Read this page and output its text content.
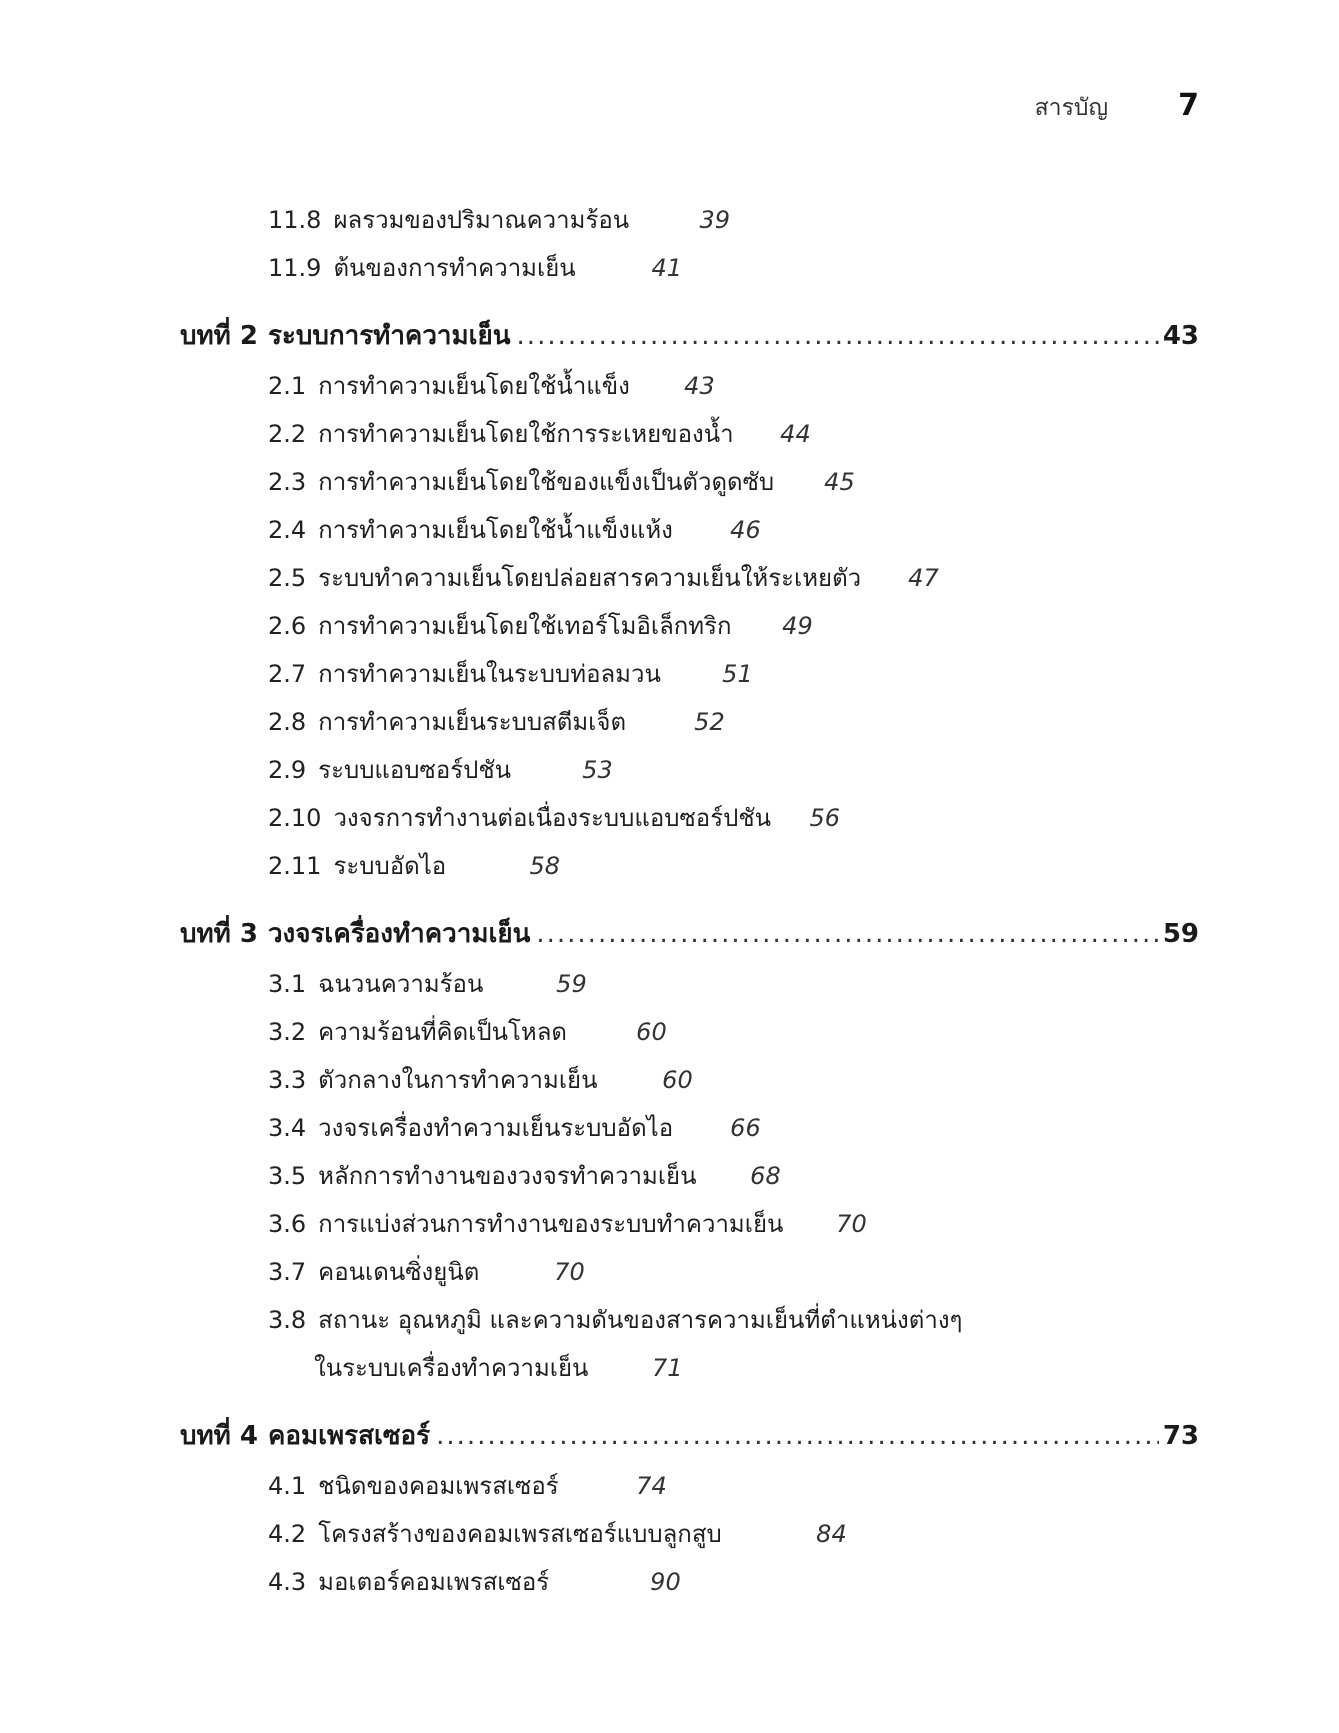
สารบัญ 7
11.8 ผลรวมของปริมาณความร้อน	39
11.9 ต้นของการทำความเย็น	41
บทที่ 2 ระบบการทำความเย็น .....	43
2.1 การทำความเย็นโดยใช้น้ำแข็ง	43
2.2 การทำความเย็นโดยใช้การระเหยของน้ำ	44
2.3 การทำความเย็นโดยใช้ของแข็งเป็นตัวดูดซับ	45
2.4 การทำความเย็นโดยใช้น้ำแข็งแห้ง	46
2.5 ระบบทำความเย็นโดยปล่อยสารความเย็นให้ระเหยตัว	47
2.6 การทำความเย็นโดยใช้เทอร์โมอิเล็กทริก	49
2.7 การทำความเย็นในระบบท่อลมวน	51
2.8 การทำความเย็นระบบสตีมเจ็ต	52
2.9 ระบบแอบซอร์ปชัน	53
2.10 วงจรการทำงานต่อเนื่องระบบแอบซอร์ปชัน	56
2.11 ระบบอัดไอ	58
บทที่ 3 วงจรเครื่องทำความเย็น .....	59
3.1 ฉนวนความร้อน	59
3.2 ความร้อนที่คิดเป็นโหลด	60
3.3 ตัวกลางในการทำความเย็น	60
3.4 วงจรเครื่องทำความเย็นระบบอัดไอ	66
3.5 หลักการทำงานของวงจรทำความเย็น	68
3.6 การแบ่งส่วนการทำงานของระบบทำความเย็น	70
3.7 คอนเดนซิ่งยูนิต	70
3.8 สถานะ อุณหภูมิ และความดันของสารความเย็นที่ตำแหน่งต่างๆ
ในระบบเครื่องทำความเย็น	71
บทที่ 4 คอมเพรสเซอร์ .....	73
4.1 ชนิดของคอมเพรสเซอร์	74
4.2 โครงสร้างของคอมเพรสเซอร์แบบลูกสูบ	84
4.3 มอเตอร์คอมเพรสเซอร์	90
